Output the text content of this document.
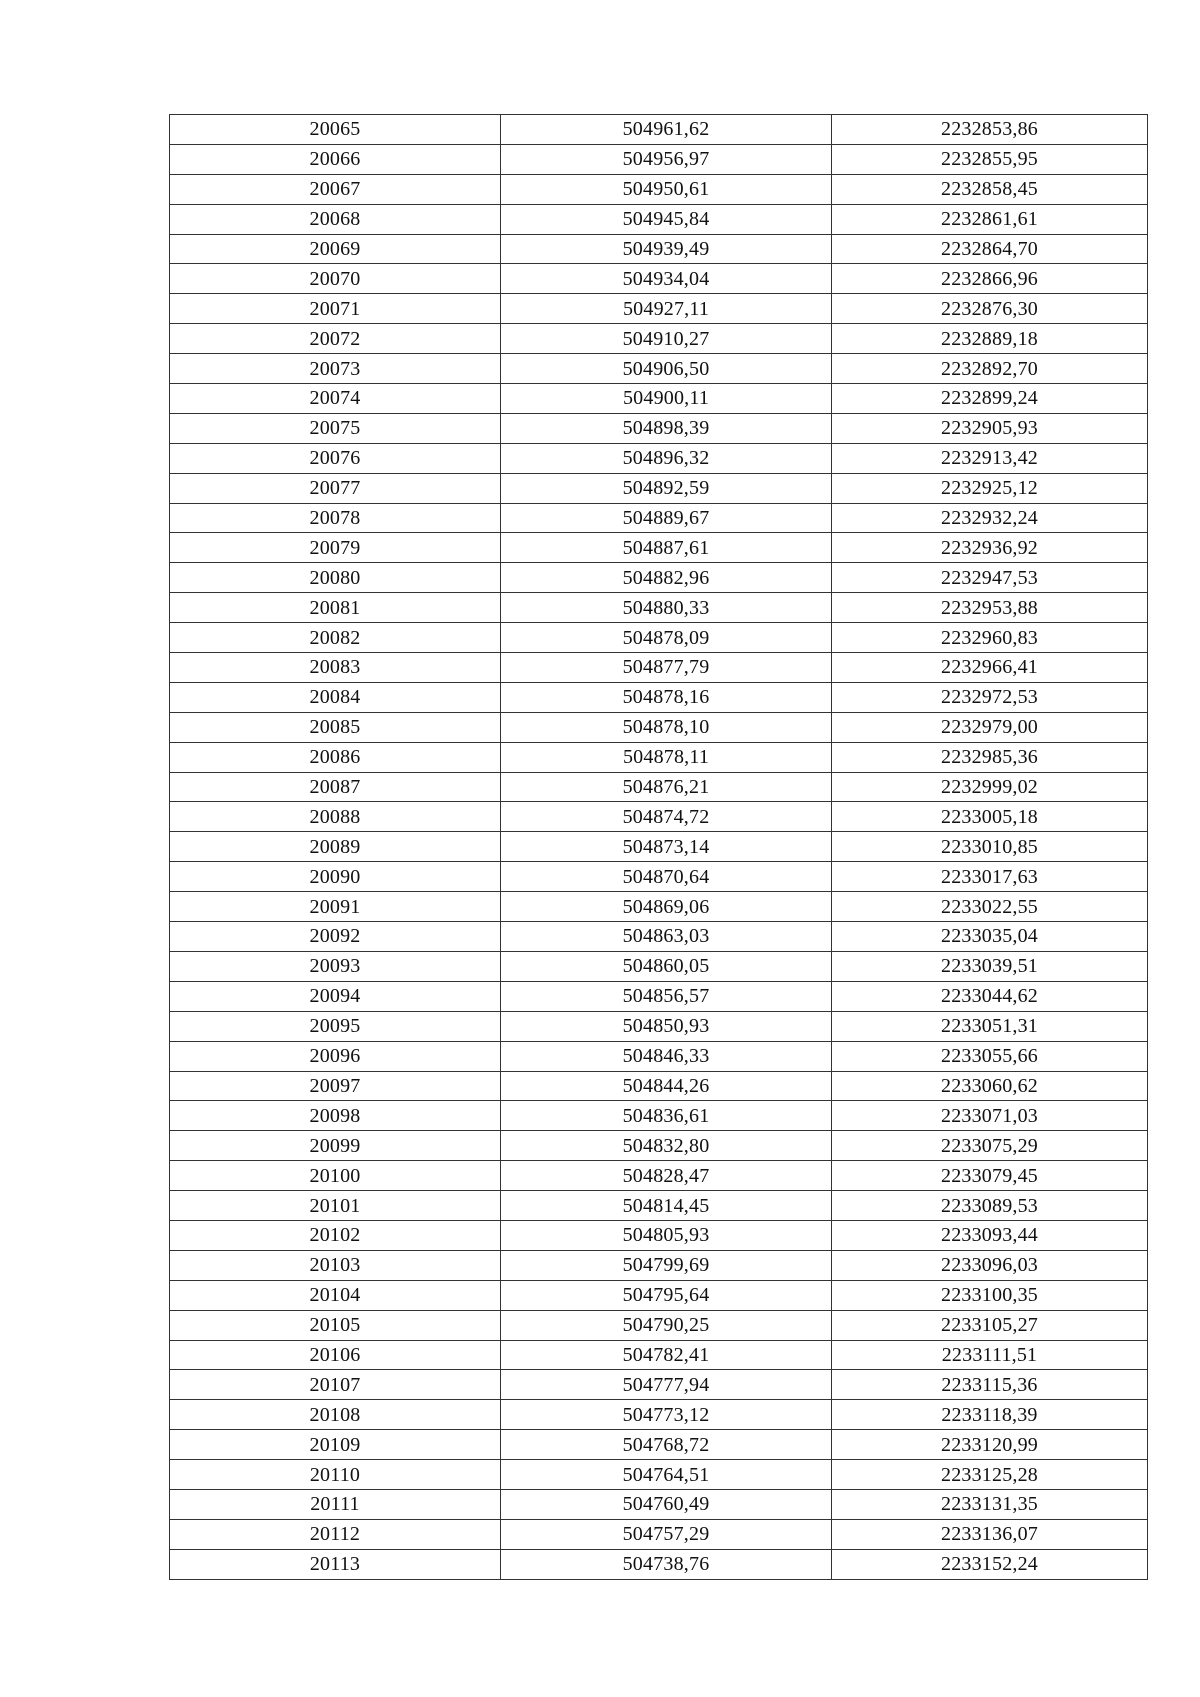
20065	504961,62	2232853,86
20066	504956,97	2232855,95
20067	504950,61	2232858,45
20068	504945,84	2232861,61
20069	504939,49	2232864,70
20070	504934,04	2232866,96
20071	504927,11	2232876,30
20072	504910,27	2232889,18
20073	504906,50	2232892,70
20074	504900,11	2232899,24
20075	504898,39	2232905,93
20076	504896,32	2232913,42
20077	504892,59	2232925,12
20078	504889,67	2232932,24
20079	504887,61	2232936,92
20080	504882,96	2232947,53
20081	504880,33	2232953,88
20082	504878,09	2232960,83
20083	504877,79	2232966,41
20084	504878,16	2232972,53
20085	504878,10	2232979,00
20086	504878,11	2232985,36
20087	504876,21	2232999,02
20088	504874,72	2233005,18
20089	504873,14	2233010,85
20090	504870,64	2233017,63
20091	504869,06	2233022,55
20092	504863,03	2233035,04
20093	504860,05	2233039,51
20094	504856,57	2233044,62
20095	504850,93	2233051,31
20096	504846,33	2233055,66
20097	504844,26	2233060,62
20098	504836,61	2233071,03
20099	504832,80	2233075,29
20100	504828,47	2233079,45
20101	504814,45	2233089,53
20102	504805,93	2233093,44
20103	504799,69	2233096,03
20104	504795,64	2233100,35
20105	504790,25	2233105,27
20106	504782,41	2233111,51
20107	504777,94	2233115,36
20108	504773,12	2233118,39
20109	504768,72	2233120,99
20110	504764,51	2233125,28
20111	504760,49	2233131,35
20112	504757,29	2233136,07
20113	504738,76	2233152,24
